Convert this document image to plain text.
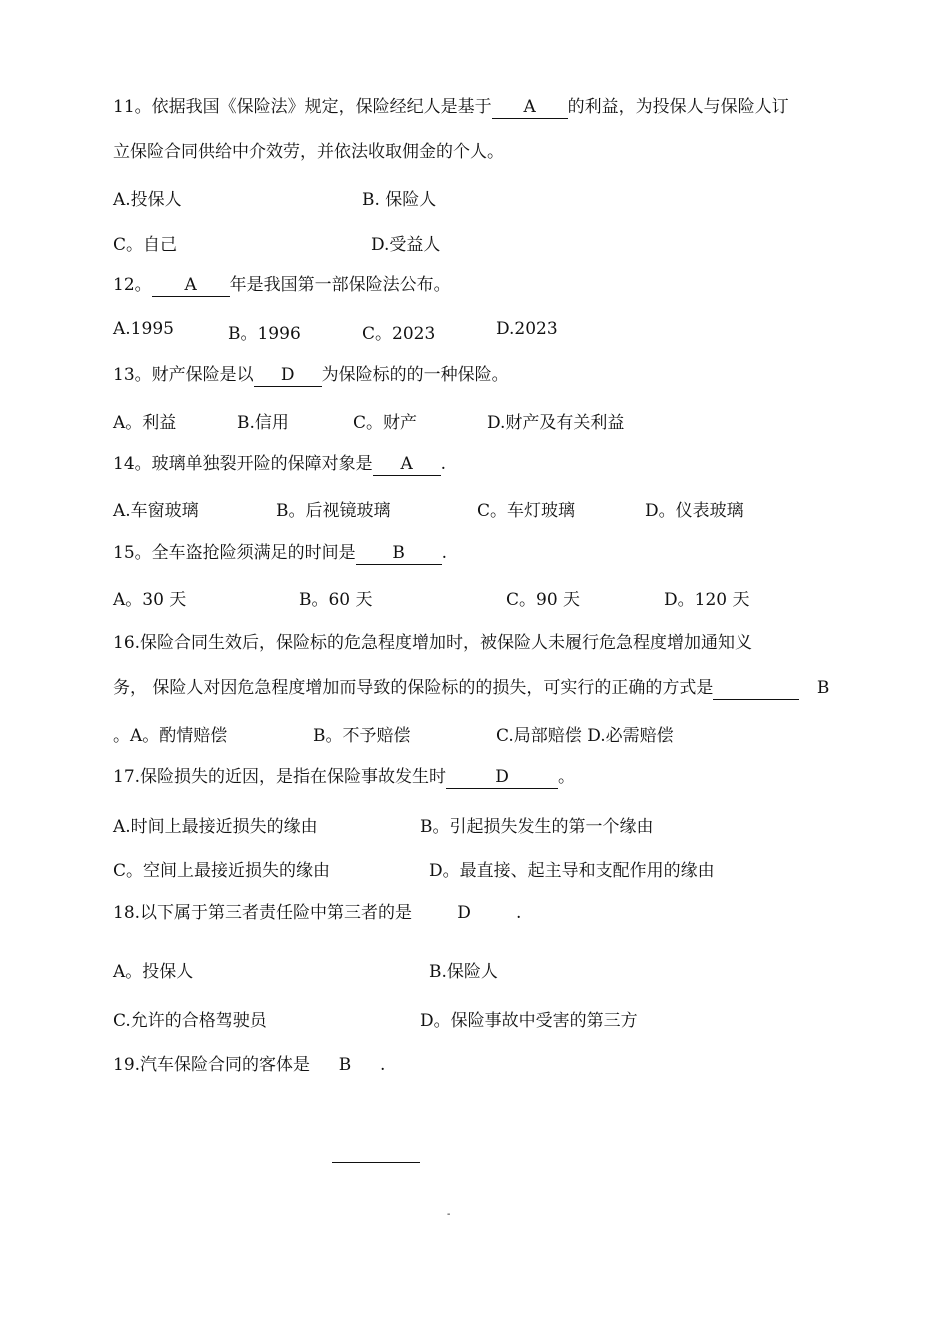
11。依据我国《保险法》规定，保险经纪人是基于 A 的利益，为投保人与保险人订
立保险合同供给中介效劳，并依法收取佣金的个人。
A.投保人	B. 保险人
C。自己	D.受益人
12。 A 年是我国第一部保险法公布。
A.1995	B。1996	C。2023	D.2023
13。财产保险是以 D 为保险标的的一种保险。
A。利益	B.信用	C。财产	D.财产及有关利益
14。玻璃单独裂开险的保障对象是 A .
A.车窗玻璃	B。后视镜玻璃	C。车灯玻璃	D。仪表玻璃
15。全车盗抢险须满足的时间是 B .
A。30 天	B。60 天	C。90 天	D。120 天
16.保险合同生效后，保险标的危急程度增加时，被保险人未履行危急程度增加通知义
务， 保险人对因危急程度增加而导致的保险标的的损失，可实行的正确的方式是	B
。A。酌情赔偿	B。不予赔偿	C.局部赔偿 D.必需赔偿
17.保险损失的近因，是指在保险事故发生时	D	。
A.时间上最接近损失的缘由	B。引起损失发生的第一个缘由
C。空间上最接近损失的缘由	D。最直接、起主导和支配作用的缘由
18.以下属于第三者责任险中第三者的是	D	.
A。投保人	B.保险人
C.允许的合格驾驶员	D。保险事故中受害的第三方
19.汽车保险合同的客体是 B .
-
